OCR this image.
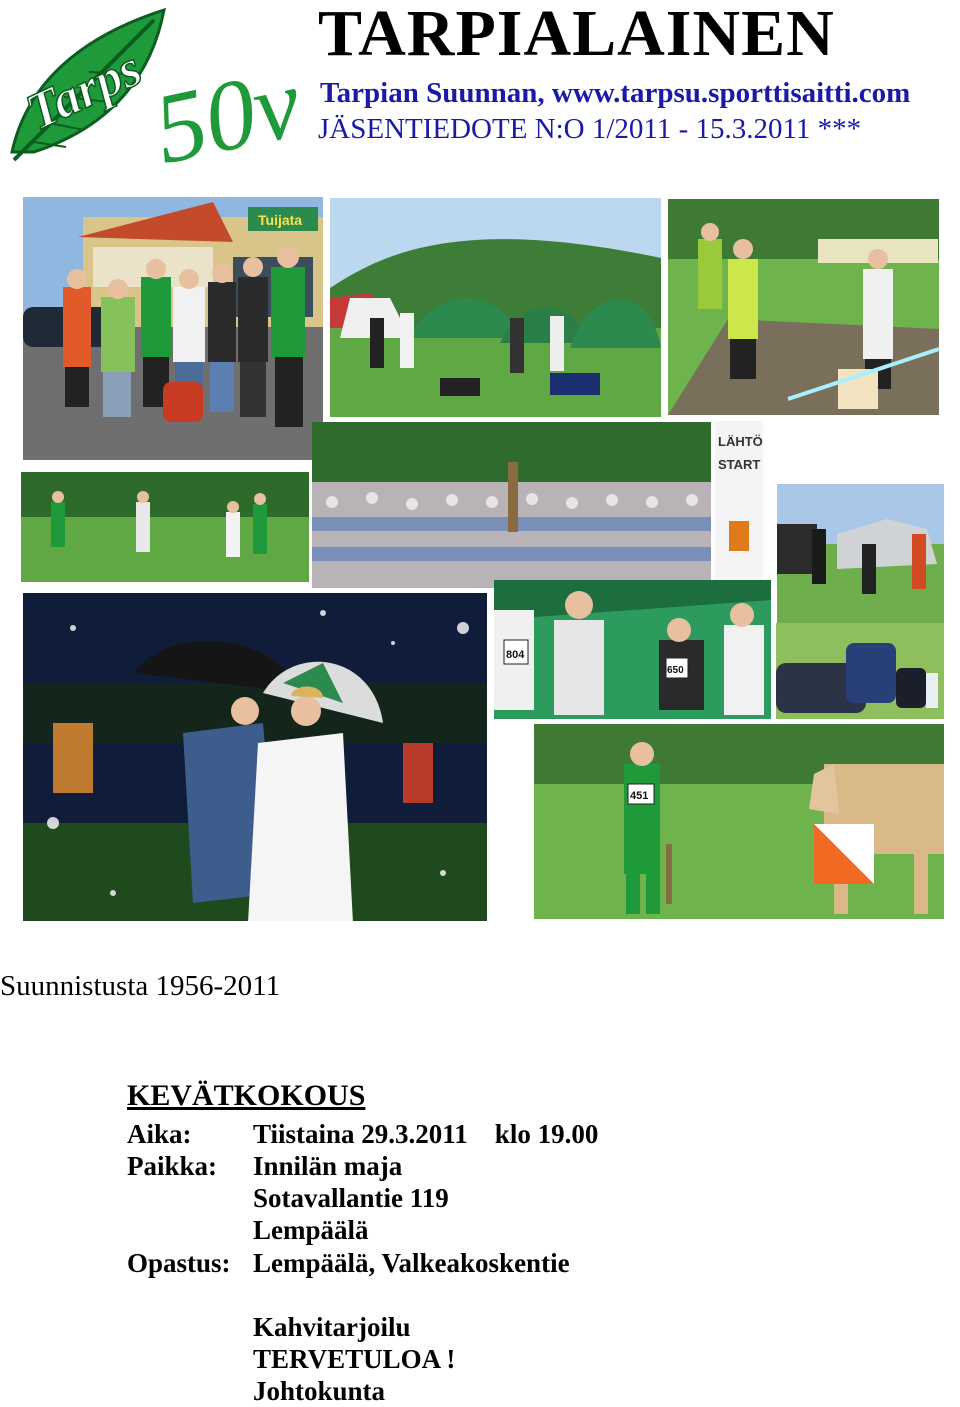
Tarps
50v
TARPIALAINEN
Tarpian Suunnan, www.tarpsu.sporttisaitti.com
JÄSENTIEDOTE N:O 1/2011 - 15.3.2011 ***
Tuijata
LÄHTÖ
START
804
650
451
Suunnistusta 1956-2011
KEVÄTKOKOUS
Aika: Tiistaina 29.3.2011    klo 19.00
Paikka: Innilän maja
Sotavallantie 119
Lempäälä
Opastus: Lempäälä, Valkeakoskentie
Kahvitarjoilu
TERVETULOA !
Johtokunta
